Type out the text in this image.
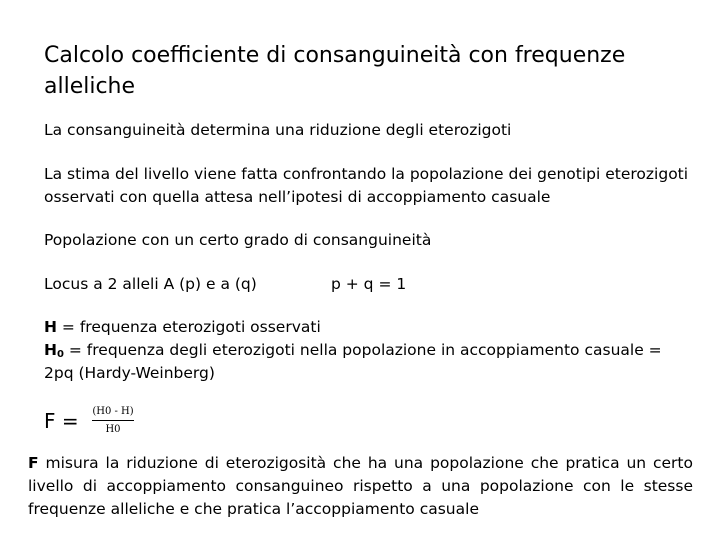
Calcolo coefficiente di consanguineità con frequenze alleliche
La consanguineità determina una riduzione degli eterozigoti
La stima del livello viene fatta confrontando la popolazione dei genotipi eterozigoti osservati con quella attesa nell’ipotesi di accoppiamento casuale
Popolazione con un certo grado di consanguineità
Locus a 2 alleli A (p) e a (q)	p + q = 1
H = frequenza eterozigoti osservati
$H_0$ = frequenza degli eterozigoti nella popolazione in accoppiamento casuale = 2pq (Hardy-Weinberg)
F =	(H0 - H)
H0
F misura la riduzione di eterozigosità che ha una popolazione che pratica un certo livello di accoppiamento consanguineo rispetto a una popolazione con le stesse frequenze alleliche e che pratica l’accoppiamento casuale
